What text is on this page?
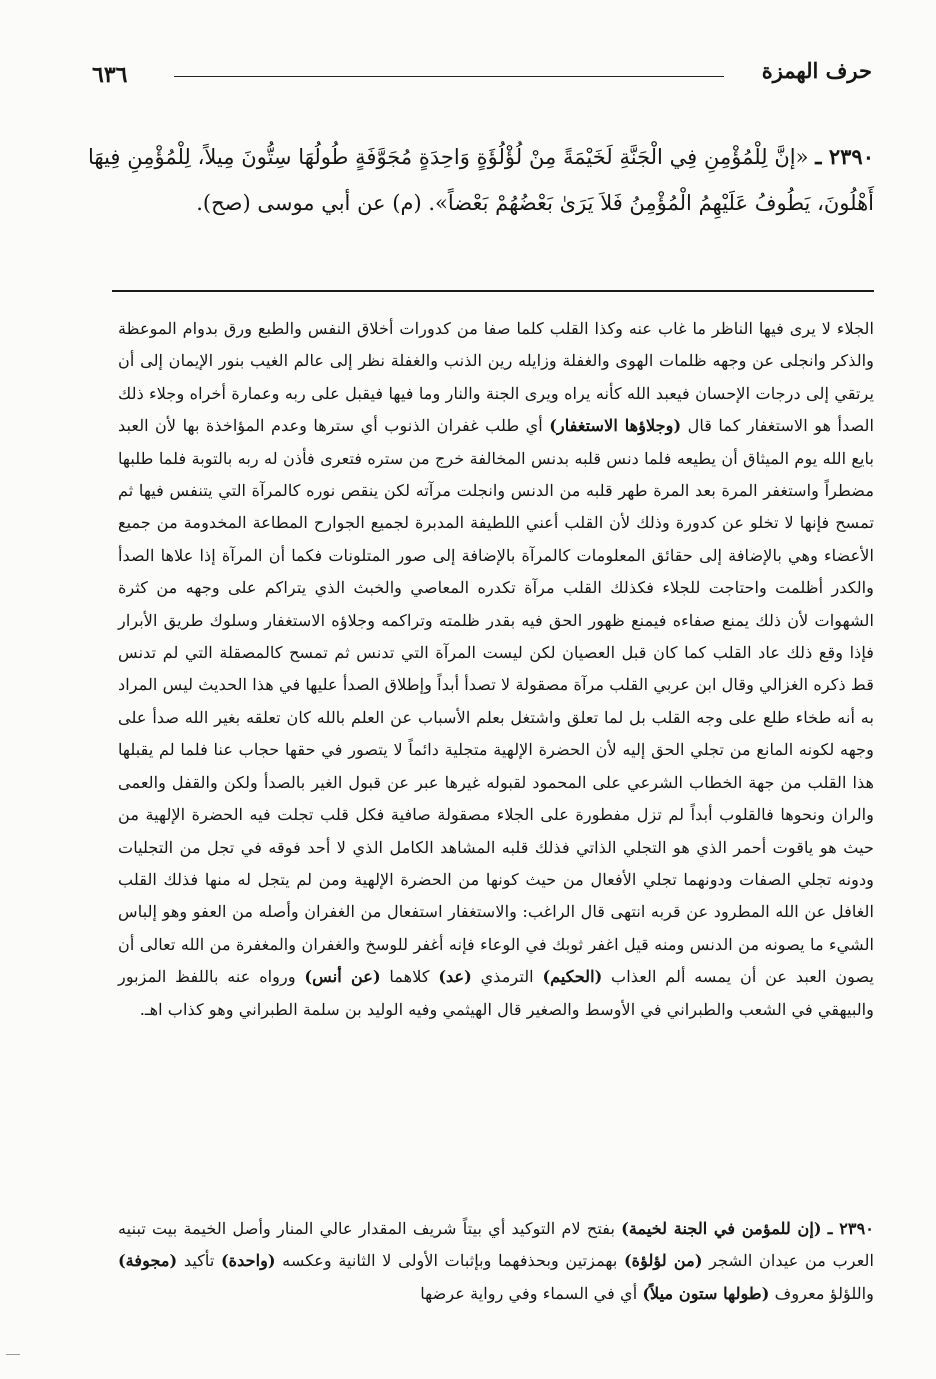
حرف الهمزة
٦٣٦
٢٣٩٠ ـ «إنَّ لِلْمُؤْمِنِ فِي الْجَنَّةِ لَخَيْمَةً مِنْ لُؤْلُؤَةٍ وَاحِدَةٍ مُجَوَّفَةٍ طُولُهَا سِتُّونَ مِيلاً، لِلْمُؤْمِنِ فِيهَا أَهْلُونَ، يَطُوفُ عَلَيْهِمُ الْمُؤْمِنُ فَلاَ يَرَىٰ بَعْضُهُمْ بَعْضاً». (م) عن أبي موسى (صح).
الجلاء لا يرى فيها الناظر ما غاب عنه وكذا القلب كلما صفا من كدورات أخلاق النفس والطبع ورق بدوام الموعظة والذكر وانجلى عن وجهه ظلمات الهوى والغفلة وزايله رين الذنب والغفلة نظر إلى عالم الغيب بنور الإيمان إلى أن يرتقي إلى درجات الإحسان فيعبد الله كأنه يراه ويرى الجنة والنار وما فيها فيقبل على ربه وعمارة أخراه وجلاء ذلك الصدأ هو الاستغفار كما قال (وجلاؤها الاستغفار) أي طلب غفران الذنوب أي سترها وعدم المؤاخذة بها لأن العبد بايع الله يوم الميثاق أن يطيعه فلما دنس قلبه بدنس المخالفة خرج من ستره فتعرى فأذن له ربه بالتوبة فلما طلبها مضطراً واستغفر المرة بعد المرة طهر قلبه من الدنس وانجلت مرآته لكن ينقص نوره كالمرآة التي يتنفس فيها ثم تمسح فإنها لا تخلو عن كدورة وذلك لأن القلب أعني اللطيفة المدبرة لجميع الجوارح المطاعة المخدومة من جميع الأعضاء وهي بالإضافة إلى حقائق المعلومات كالمرآة بالإضافة إلى صور المتلونات فكما أن المرآة إذا علاها الصدأ والكدر أظلمت واحتاجت للجلاء فكذلك القلب مرآة تكدره المعاصي والخبث الذي يتراكم على وجهه من كثرة الشهوات لأن ذلك يمنع صفاءه فيمنع ظهور الحق فيه بقدر ظلمته وتراكمه وجلاؤه الاستغفار وسلوك طريق الأبرار فإذا وقع ذلك عاد القلب كما كان قبل العصيان لكن ليست المرآة التي تدنس ثم تمسح كالمصقلة التي لم تدنس قط ذكره الغزالي وقال ابن عربي القلب مرآة مصقولة لا تصدأ أبداً وإطلاق الصدأ عليها في هذا الحديث ليس المراد به أنه طخاء طلع على وجه القلب بل لما تعلق واشتغل بعلم الأسباب عن العلم بالله كان تعلقه بغير الله صدأ على وجهه لكونه المانع من تجلي الحق إليه لأن الحضرة الإلهية متجلية دائماً لا يتصور في حقها حجاب عنا فلما لم يقبلها هذا القلب من جهة الخطاب الشرعي على المحمود لقبوله غيرها عبر عن قبول الغير بالصدأ ولكن والقفل والعمى والران ونحوها فالقلوب أبداً لم تزل مفطورة على الجلاء مصقولة صافية فكل قلب تجلت فيه الحضرة الإلهية من حيث هو ياقوت أحمر الذي هو التجلي الذاتي فذلك قلبه المشاهد الكامل الذي لا أحد فوقه في تجل من التجليات ودونه تجلي الصفات ودونهما تجلي الأفعال من حيث كونها من الحضرة الإلهية ومن لم يتجل له منها فذلك القلب الغافل عن الله المطرود عن قربه انتهى قال الراغب: والاستغفار استفعال من الغفران وأصله من العفو وهو إلباس الشيء ما يصونه من الدنس ومنه قيل اغفر ثوبك في الوعاء فإنه أغفر للوسخ والغفران والمغفرة من الله تعالى أن يصون العبد عن أن يمسه ألم العذاب (الحكيم) الترمذي (عد) كلاهما (عن أنس) ورواه عنه باللفظ المزبور والبيهقي في الشعب والطبراني في الأوسط والصغير قال الهيثمي وفيه الوليد بن سلمة الطبراني وهو كذاب اهـ.
٢٣٩٠ ـ (إن للمؤمن في الجنة لخيمة) بفتح لام التوكيد أي بيتاً شريف المقدار عالي المنار وأصل الخيمة بيت تبنيه العرب من عيدان الشجر (من لؤلؤة) بهمزتين وبحذفهما وبإثبات الأولى لا الثانية وعكسه (واحدة) تأكيد (مجوفة) واللؤلؤ معروف (طولها ستون ميلاً) أي في السماء وفي رواية عرضها
